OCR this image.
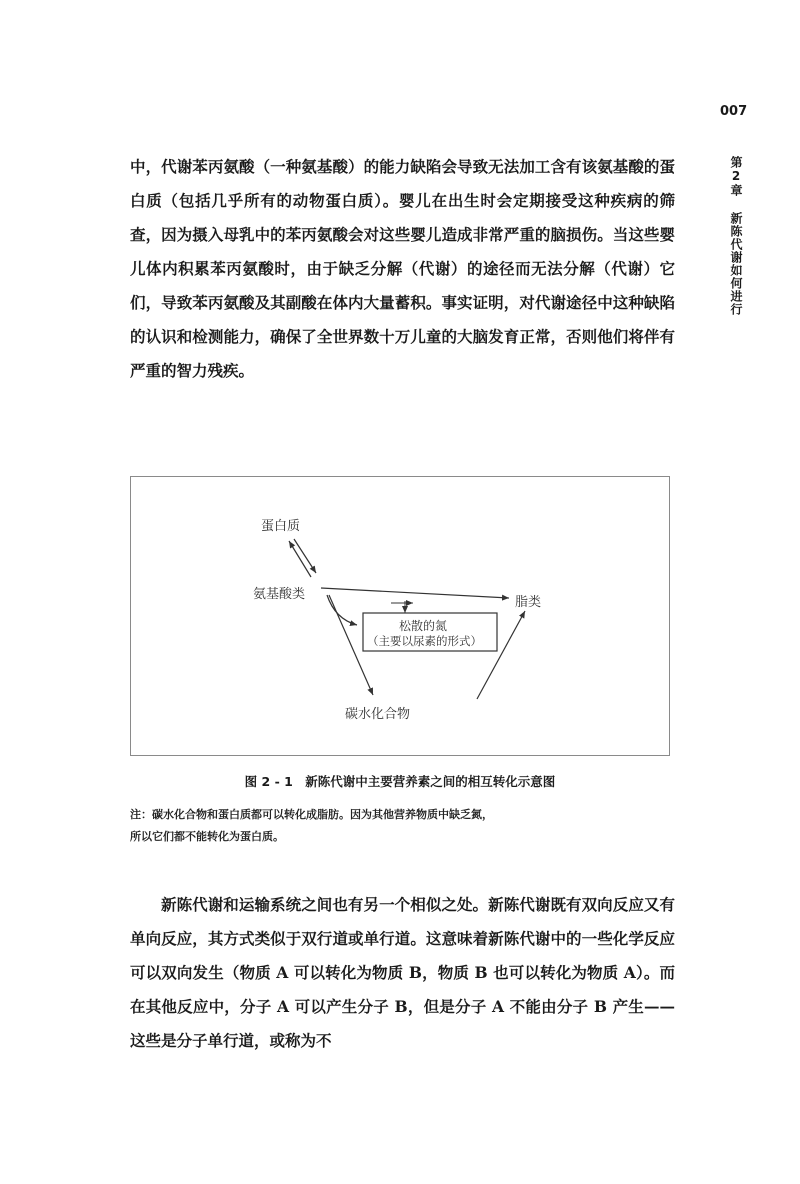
007
第2章 新陈代谢如何进行

中，代谢苯丙氨酸（一种氨基酸）的能力缺陷会导致无法加工含有该氨基酸的蛋白质（包括几乎所有的动物蛋白质）。婴儿在出生时会定期接受这种疾病的筛查，因为摄入母乳中的苯丙氨酸会对这些婴儿造成非常严重的脑损伤。当这些婴儿体内积累苯丙氨酸时，由于缺乏分解（代谢）的途径而无法分解（代谢）它们，导致苯丙氨酸及其副酸在体内大量蓄积。事实证明，对代谢途径中这种缺陷的认识和检测能力，确保了全世界数十万儿童的大脑发育正常，否则他们将伴有严重的智力残疾。

蛋白质
氨基酸类
脂类
松散的氮
（主要以尿素的形式）
碳水化合物
图 2 - 1　新陈代谢中主要营养素之间的相互转化示意图
注：碳水化合物和蛋白质都可以转化成脂肪。因为其他营养物质中缺乏氮，
所以它们都不能转化为蛋白质。

新陈代谢和运输系统之间也有另一个相似之处。新陈代谢既有双向反应又有单向反应，其方式类似于双行道或单行道。这意味着新陈代谢中的一些化学反应可以双向发生（物质 A 可以转化为物质 B，物质 B 也可以转化为物质 A）。而在其他反应中，分子 A 可以产生分子 B，但是分子 A 不能由分子 B 产生——这些是分子单行道，或称为不
